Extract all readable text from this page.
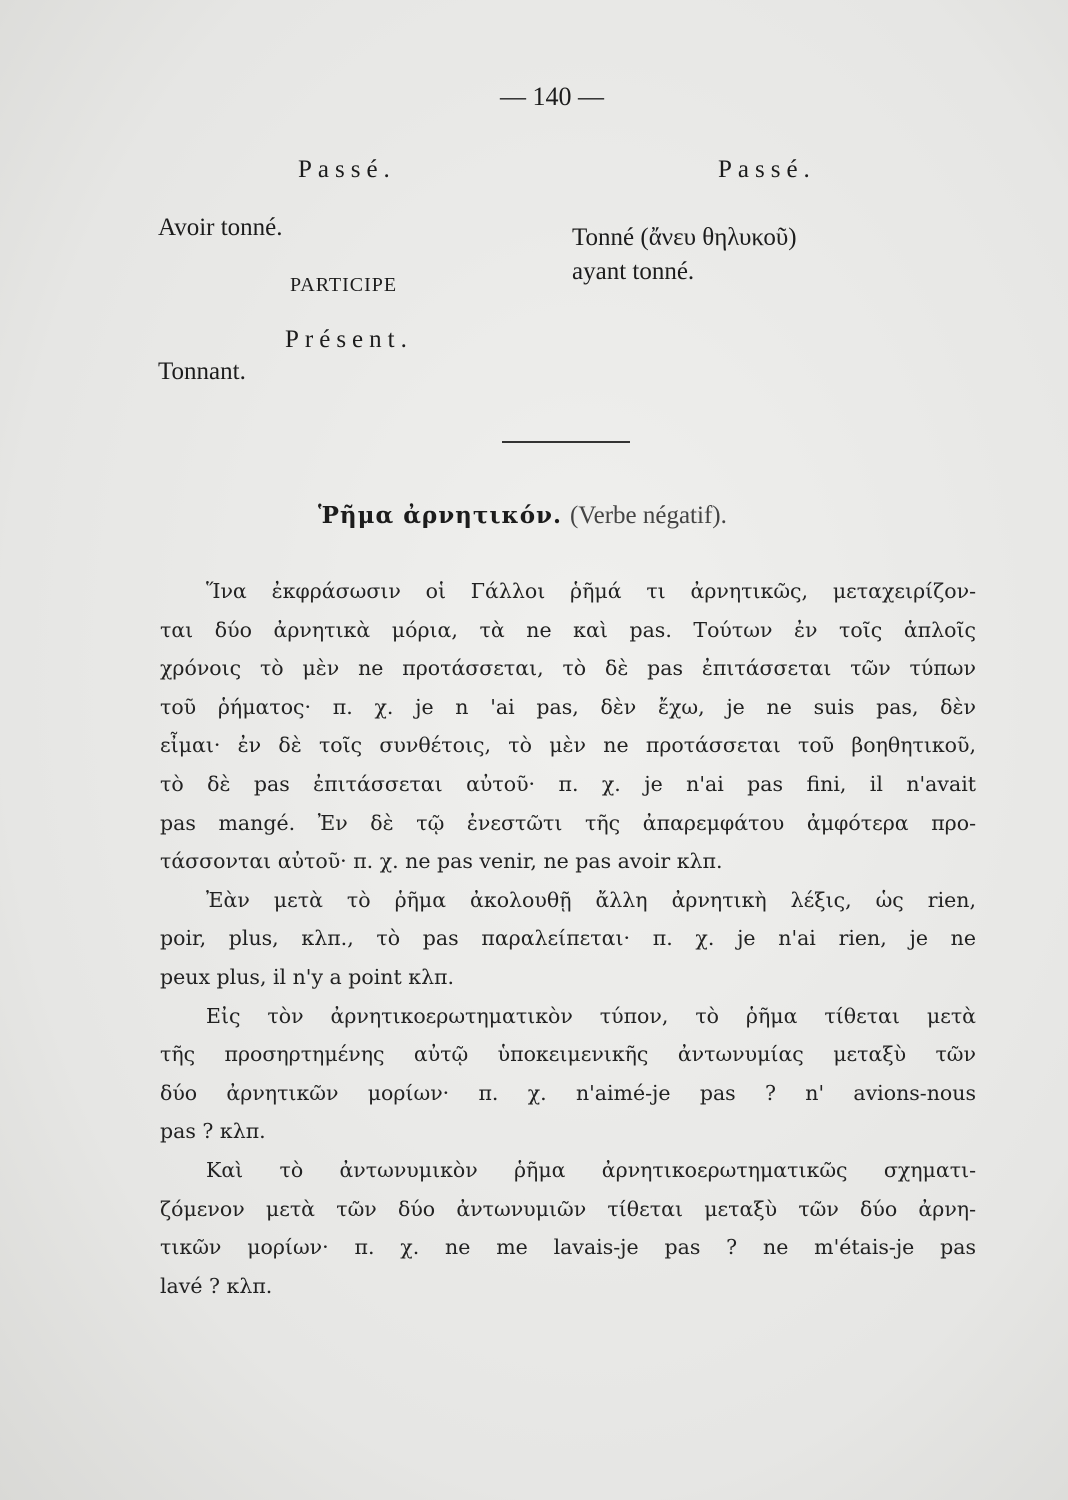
— 140 —
Passé.
Avoir tonné.
PARTICIPE
Présent.
Tonnant.
Passé.
Tonné (ἄνευ θηλυκοῦ)
ayant tonné.
Ῥῆμα ἀρνητικόν. (Verbe négatif).
Ἵνα ἐκφράσωσιν οἱ Γάλλοι ῥῆμά τι ἀρνητικῶς, μεταχειρίζον-
ται δύο ἀρνητικὰ μόρια, τὰ ne καὶ pas. Τούτων ἐν τοῖς ἁπλοῖς
χρόνοις τὸ μὲν ne προτάσσεται, τὸ δὲ pas ἐπιτάσσεται τῶν τύπων
τοῦ ῥήματος· π. χ. je n 'ai pas, δὲν ἔχω, je ne suis pas, δὲν
εἶμαι· ἐν δὲ τοῖς συνθέτοις, τὸ μὲν ne προτάσσεται τοῦ βοηθητικοῦ,
τὸ δὲ pas ἐπιτάσσεται αὐτοῦ· π. χ. je n'ai pas fini, il n'avait
pas mangé. Ἐν δὲ τῷ ἐνεστῶτι τῆς ἀπαρεμφάτου ἀμφότερα προ-
τάσσονται αὐτοῦ· π. χ. ne pas venir, ne pas avoir κλπ.
Ἐὰν μετὰ τὸ ῥῆμα ἀκολουθῇ ἄλλη ἀρνητικὴ λέξις, ὡς rien,
poir, plus, κλπ., τὸ pas παραλείπεται· π. χ. je n'ai rien, je ne
peux plus, il n'y a point κλπ.
Εἰς τὸν ἀρνητικοερωτηματικὸν τύπον, τὸ ῥῆμα τίθεται μετὰ
τῆς προσηρτημένης αὐτῷ ὑποκειμενικῆς ἀντωνυμίας μεταξὺ τῶν
δύο ἀρνητικῶν μορίων· π. χ. n'aimé-je pas ? n' avions-nous
pas ? κλπ.
Καὶ τὸ ἀντωνυμικὸν ῥῆμα ἀρνητικοερωτηματικῶς σχηματι-
ζόμενον μετὰ τῶν δύο ἀντωνυμιῶν τίθεται μεταξὺ τῶν δύο ἀρνη-
τικῶν μορίων· π. χ. ne me lavais-je pas ? ne m'étais-je pas
lavé ? κλπ.
